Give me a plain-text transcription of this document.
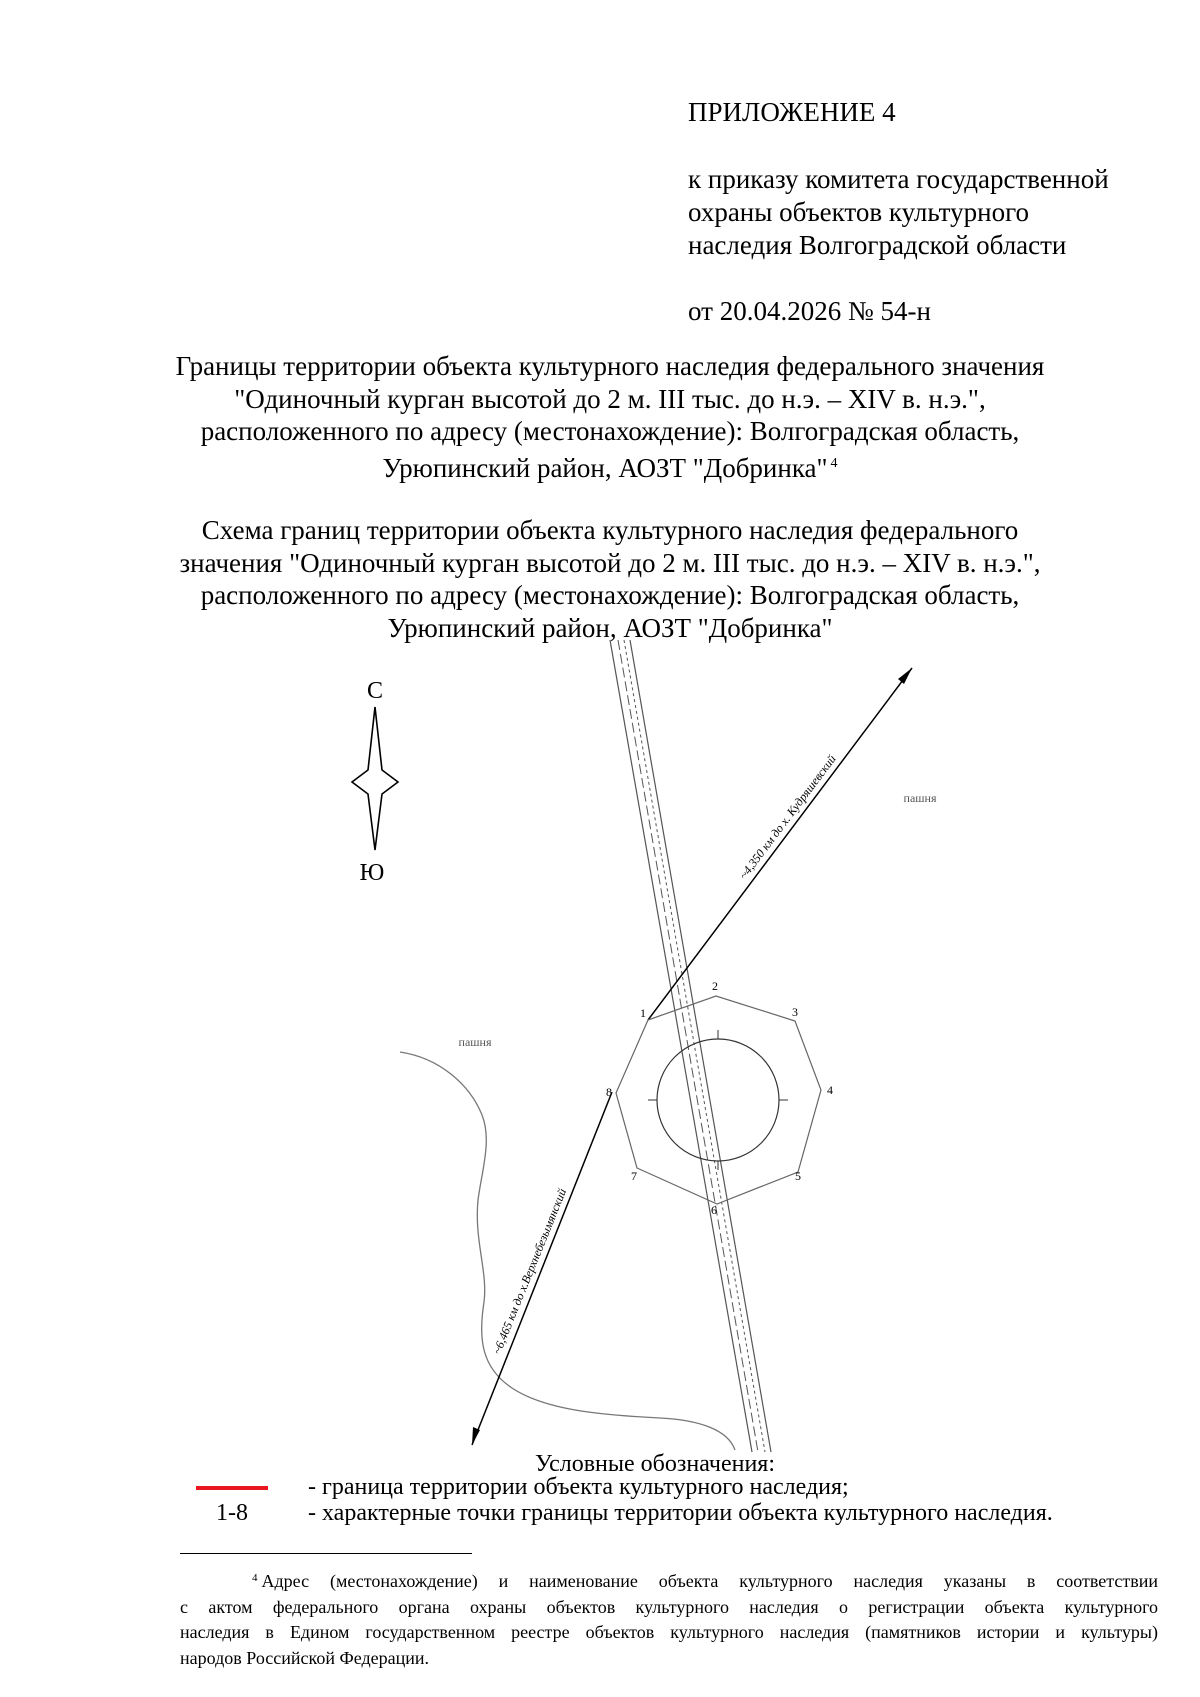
ПРИЛОЖЕНИЕ 4
к приказу комитета государственной
охраны объектов культурного
наследия Волгоградской области
от 20.04.2026 № 54-н
Границы территории объекта культурного наследия федерального значения
"Одиночный курган высотой до 2 м. III тыс. до н.э. – XIV в. н.э.",
расположенного по адресу (местонахождение): Волгоградская область,
Урюпинский район, АОЗТ "Добринка" $^4$
Схема границ территории объекта культурного наследия федерального
значения "Одиночный курган высотой до 2 м. III тыс. до н.э. – XIV в. н.э.",
расположенного по адресу (местонахождение): Волгоградская область,
Урюпинский район, АОЗТ "Добринка"
С
Ю	~4,350 км до х. Кудряшевский
~6,465 км до х.Верхнебезымянский
пашня
пашня
1
2
3
4
5
6
7
8
Условные обозначения:
- граница территории объекта культурного наследия;
1-8	- характерные точки границы территории объекта культурного наследия.
$^4$ Адрес (местонахождение) и наименование объекта культурного наследия указаны в соответствии
с актом федерального органа охраны объектов культурного наследия о регистрации объекта культурного
наследия в Едином государственном реестре объектов культурного наследия (памятников истории и культуры)
народов Российской Федерации.
